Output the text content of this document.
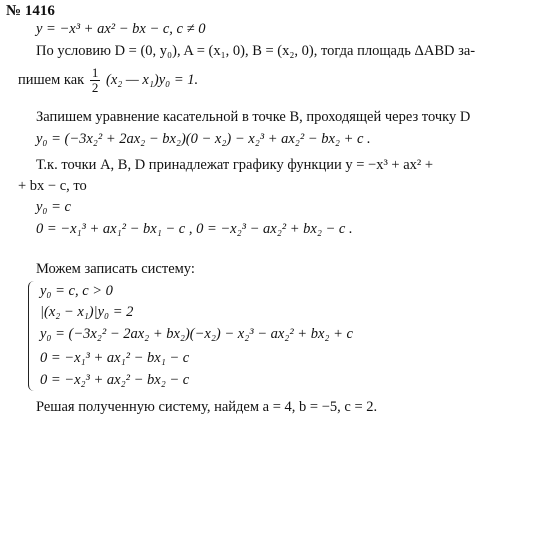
№ 1416
y = −x³ + ax² − bx − c, c ≠ 0
По условию D = (0, y₀), A = (x₁, 0), B = (x₂, 0), тогда площадь ΔABD за-
пишем как $\frac{1}{2} (x_2$ — x₁)y₀ = 1.
Запишем уравнение касательной в точке B, проходящей через точку D
y₀ = (−3x₂² + 2ax₂ − bx₂)(0 − x₂) − x₂³ + ax₂² − bx₂ + c .
Т.к. точки A, B, D принадлежат графику функции y = −x³ + ax² +
+ bx − c, то
y₀ = c
0 = −x₁³ + ax₁² − bx₁ − c , 0 = −x₂³ − ax₂² + bx₂ − c .
Можем записать систему:
y₀ = c, c > 0
|(x₂ − x₁)|y₀ = 2
y₀ = (−3x₂² − 2ax₂ + bx₂)(−x₂) − x₂³ − ax₂² + bx₂ + c
0 = −x₁³ + ax₁² − bx₁ − c
0 = −x₂³ + ax₂² − bx₂ − c
Решая полученную систему, найдем a = 4, b = −5, c = 2.
